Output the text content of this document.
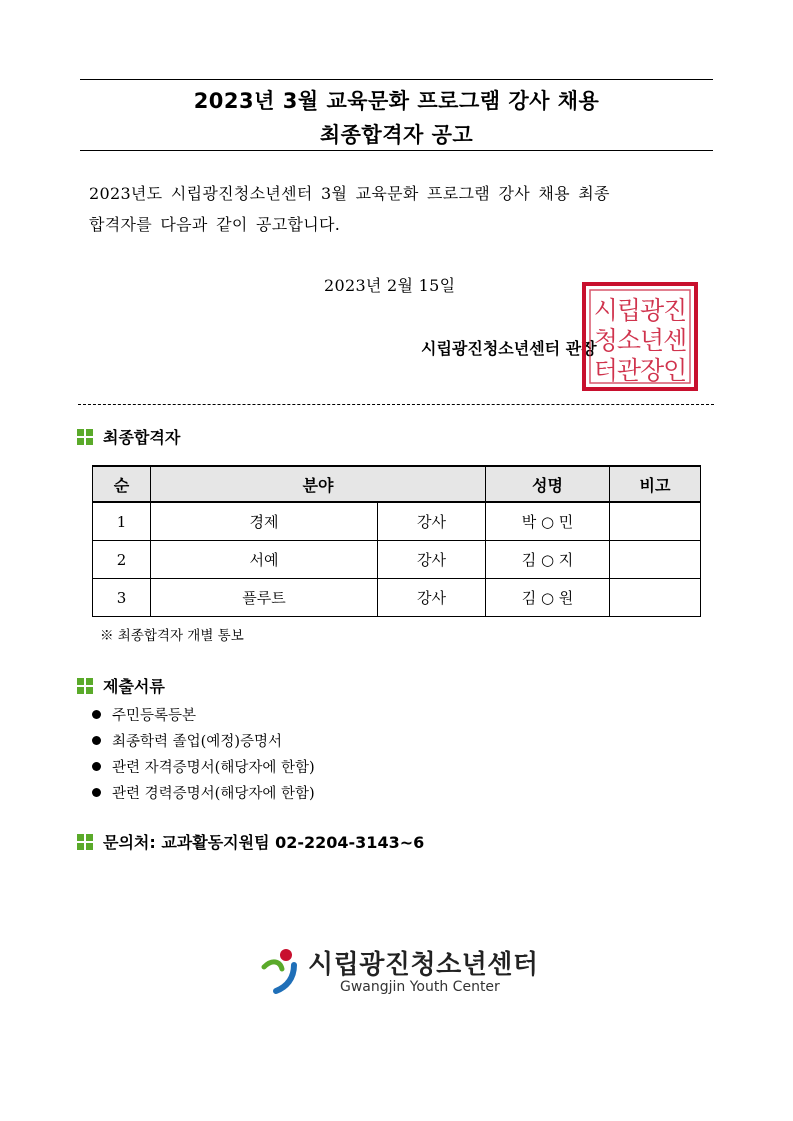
2023년 3월 교육문화 프로그램 강사 채용
최종합격자 공고
2023년도 시립광진청소년센터 3월 교육문화 프로그램 강사 채용 최종
합격자를 다음과 같이 공고합니다.
2023년 2월 15일
시립광진청소년센터 관장
시립광진
청소년센
터관장인
최종합격자
순	분야		성명	비고
1	경제	강사	박 ○ 민	
2	서예	강사	김 ○ 지	
3	플루트	강사	김 ○ 원	
※ 최종합격자 개별 통보
제출서류
주민등록등본
최종학력 졸업(예정)증명서
관련 자격증명서(해당자에 한함)
관련 경력증명서(해당자에 한함)
문의처: 교과활동지원팀 02-2204-3143~6
시립광진청소년센터
Gwangjin Youth Center
